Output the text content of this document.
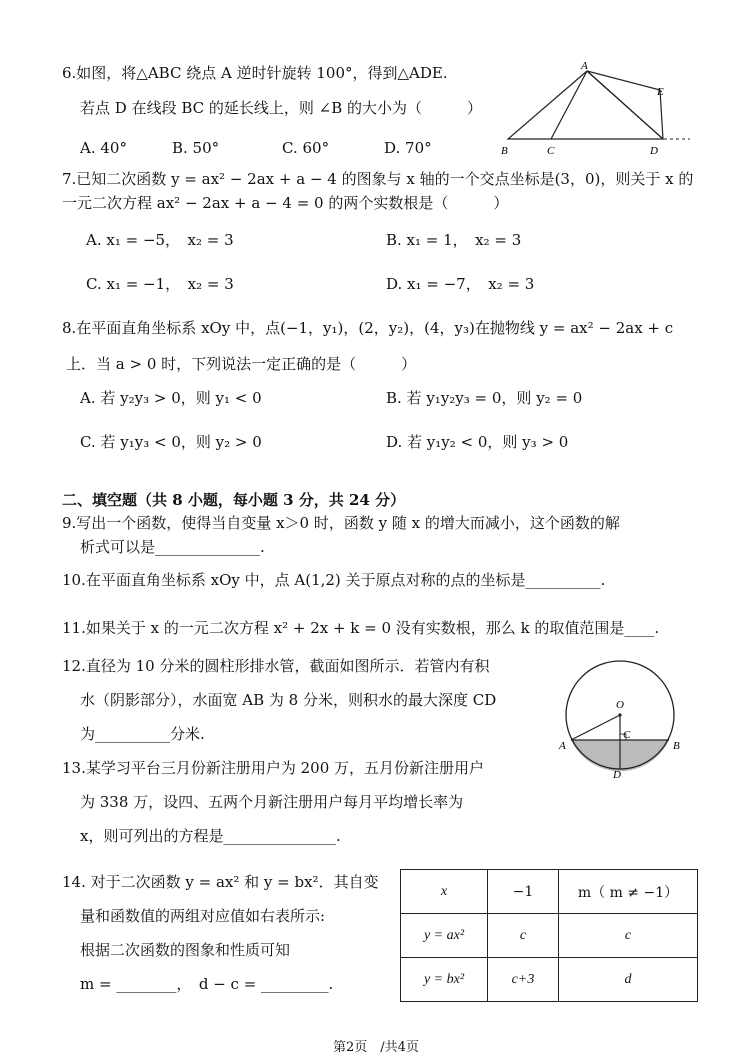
6.如图，将△ABC 绕点 A 逆时针旋转 100°，得到△ADE.
若点 D 在线段 BC 的延长线上，则 ∠B 的大小为（　　　）
A. 40°	B. 50°	C. 60°	D. 70°
A
B	C	D
E
7.已知二次函数 y = ax² − 2ax + a − 4 的图象与 x 轴的一个交点坐标是(3，0)，则关于 x 的
一元二次方程 ax² − 2ax + a − 4 = 0 的两个实数根是（　　　）
A. x₁ = −5，　x₂ = 3	B. x₁ = 1，　x₂ = 3
C. x₁ = −1，　x₂ = 3	D. x₁ = −7，　x₂ = 3
8.在平面直角坐标系 xOy 中，点(−1，y₁)，(2，y₂)，(4，y₃)在抛物线 y = ax² − 2ax + c
上．当 a > 0 时，下列说法一定正确的是（　　　）
A. 若 y₂y₃ > 0，则 y₁ < 0	B. 若 y₁y₂y₃ = 0，则 y₂ = 0
C. 若 y₁y₃ < 0，则 y₂ > 0	D. 若 y₁y₂ < 0，则 y₃ > 0
二、填空题（共 8 小题，每小题 3 分，共 24 分）
9.写出一个函数，使得当自变量 x＞0 时，函数 y 随 x 的增大而减小，这个函数的解
析式可以是______________.
10.在平面直角坐标系 xOy 中，点 A(1,2) 关于原点对称的点的坐标是__________.
11.如果关于 x 的一元二次方程 x² + 2x + k = 0 没有实数根，那么 k 的取值范围是____.
12.直径为 10 分米的圆柱形排水管，截面如图所示．若管内有积
水（阴影部分），水面宽 AB 为 8 分米，则积水的最大深度 CD
为__________分米.
O
A	B
C
D
13.某学习平台三月份新注册用户为 200 万，五月份新注册用户
为 338 万，设四、五两个月新注册用户每月平均增长率为
x，则可列出的方程是_______________.
14. 对于二次函数 y = ax² 和 y = bx²．其自变
量和函数值的两组对应值如右表所示:
根据二次函数的图象和性质可知
m = ________，　d − c = _________.
x	−1	m（ m ≠ −1）
y = ax²	c	c
y = bx²	c+3	d
第2页　/共4页
